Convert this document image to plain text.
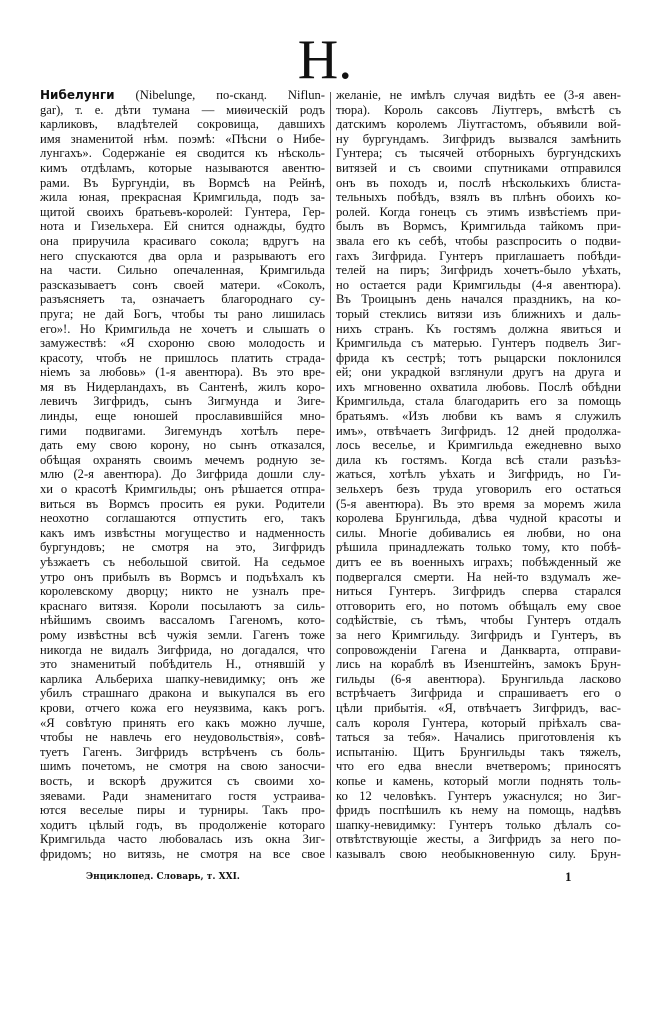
Н.
Нибелунги (Nibelunge, по-сканд. Niflun-
gar), т. е. дѣти тумана — миѳическій родъ
карликовъ, владѣтелей сокровища, давшихъ
имя знаменитой нѣм. поэмѣ: «Пѣсни о Нибе-
лунгахъ». Содержаніе ея сводится къ нѣсколь-
кимъ отдѣламъ, которые называются авентю-
рами. Въ Бургундіи, въ Вормсѣ на Рейнѣ,
жила юная, прекрасная Кримгильда, подъ за-
щитой своихъ братьевъ-королей: Гунтера, Гер-
нота и Гизельхера. Ей снится однажды, будто
она приручила красиваго сокола; вдругъ на
него спускаются два орла и разрываютъ его
на части. Сильно опечаленная, Кримгильда
разсказываетъ сонъ своей матери. «Соколъ,
разъясняетъ та, означаетъ благороднаго су-
пруга; не дай Богъ, чтобы ты рано лишилась
его»!. Но Кримгильда не хочетъ и слышать о
замужествѣ: «Я схороню свою молодость и
красоту, чтобъ не пришлось платить страда-
ніемъ за любовь» (1-я авентюра). Въ это вре-
мя въ Нидерландахъ, въ Сантенѣ, жилъ коро-
левичъ Зигфридъ, сынъ Зигмунда и Зиге-
линды, еще юношей прославившійся мно-
гими подвигами. Зигемундъ хотѣлъ пере-
дать ему свою корону, но сынъ отказался,
обѣщая охранять своимъ мечемъ родную зе-
млю (2-я авентюра). До Зигфрида дошли слу-
хи о красотѣ Кримгильды; онъ рѣшается отпра-
виться въ Вормсъ просить ея руки. Родители
неохотно соглашаются отпустить его, такъ
какъ имъ извѣстны могущество и надменность
бургундовъ; не смотря на это, Зигфридъ
уѣзжаетъ съ небольшой свитой. На седьмое
утро онъ прибылъ въ Вормсъ и подъѣхалъ къ
королевскому дворцу; никто не узналъ пре-
краснаго витязя. Короли посылаютъ за силь-
нѣйшимъ своимъ вассаломъ Гагеномъ, кото-
рому извѣстны всѣ чужія земли. Гагенъ тоже
никогда не видалъ Зигфрида, но догадался, что
это знаменитый побѣдитель Н., отнявшій у
карлика Альбериха шапку-невидимку; онъ же
убилъ страшнаго дракона и выкупался въ его
крови, отчего кожа его неуязвима, какъ рогъ.
«Я совѣтую принять его какъ можно лучше,
чтобы не навлечь его неудовольствія», совѣ-
туетъ Гагенъ. Зигфридъ встрѣченъ съ боль-
шимъ почетомъ, не смотря на свою заносчи-
вость, и вскорѣ дружится съ своими хо-
зяевами. Ради знаменитаго гостя устраива-
ются веселые пиры и турниры. Такъ про-
ходитъ цѣлый годъ, въ продолженіе котораго
Кримгильда часто любовалась изъ окна Зиг-
фридомъ; но витязь, не смотря на все свое
желаніе, не имѣлъ случая видѣть ее (3-я авен-
тюра). Король саксовъ Ліутгеръ, вмѣстѣ съ
датскимъ королемъ Ліутгастомъ, объявили вой-
ну бургундамъ. Зигфридъ вызвался замѣнить
Гунтера; съ тысячей отборныхъ бургундскихъ
витязей и съ своими спутниками отправился
онъ въ походъ и, послѣ нѣсколькихъ блиста-
тельныхъ побѣдъ, взялъ въ плѣнъ обоихъ ко-
ролей. Когда гонецъ съ этимъ извѣстіемъ при-
былъ въ Вормсъ, Кримгильда тайкомъ при-
звала его къ себѣ, чтобы разспросить о подви-
гахъ Зигфрида. Гунтеръ приглашаетъ побѣди-
телей на пиръ; Зигфридъ хочетъ-было уѣхать,
но остается ради Кримгильды (4-я авентюра).
Въ Троицынъ день начался праздникъ, на ко-
торый стеклись витязи изъ ближнихъ и даль-
нихъ странъ. Къ гостямъ должна явиться и
Кримгильда съ матерью. Гунтеръ подвелъ Зиг-
фрида къ сестрѣ; тотъ рыцарски поклонился
ей; они украдкой взглянули другъ на друга и
ихъ мгновенно охватила любовь. Послѣ обѣдни
Кримгильда, стала благодарить его за помощь
братьямъ. «Изъ любви къ вамъ я служилъ
имъ», отвѣчаетъ Зигфридъ. 12 дней продолжа-
лось веселье, и Кримгильда ежедневно выхо
дила къ гостямъ. Когда всѣ стали разъѣз-
жаться, хотѣлъ уѣхать и Зигфридъ, но Ги-
зельхеръ безъ труда уговорилъ его остаться
(5-я авентюра). Въ это время за моремъ жила
королева Брунгильда, дѣва чудной красоты и
силы. Многіе добивались ея любви, но она
рѣшила принадлежать только тому, кто побѣ-
дитъ ее въ военныхъ играхъ; побѣжденный же
подвергался смерти. На ней-то вздумалъ же-
ниться Гунтеръ. Зигфридъ сперва старался
отговорить его, но потомъ обѣщалъ ему свое
содѣйствіе, съ тѣмъ, чтобы Гунтеръ отдалъ
за него Кримгильду. Зигфридъ и Гунтеръ, въ
сопровожденіи Гагена и Данкварта, отправи-
лись на кораблѣ въ Изенштейнъ, замокъ Брун-
гильды (6-я авентюра). Брунгильда ласково
встрѣчаетъ Зигфрида и спрашиваетъ его о
цѣли прибытія. «Я, отвѣчаетъ Зигфридъ, вас-
салъ короля Гунтера, который пріѣхалъ сва-
таться за тебя». Начались приготовленія къ
испытанію. Щитъ Брунгильды такъ тяжелъ,
что его едва внесли вчетверомъ; приносятъ
копье и камень, который могли поднять толь-
ко 12 человѣкъ. Гунтеръ ужаснулся; но Зиг-
фридъ поспѣшилъ къ нему на помощь, надѣвъ
шапку-невидимку: Гунтеръ только дѣлалъ со-
отвѣтствующіе жесты, а Зигфридъ за него по-
казывалъ свою необыкновенную силу. Брун-
Энциклопед. Словарь, т. XXI.	1
